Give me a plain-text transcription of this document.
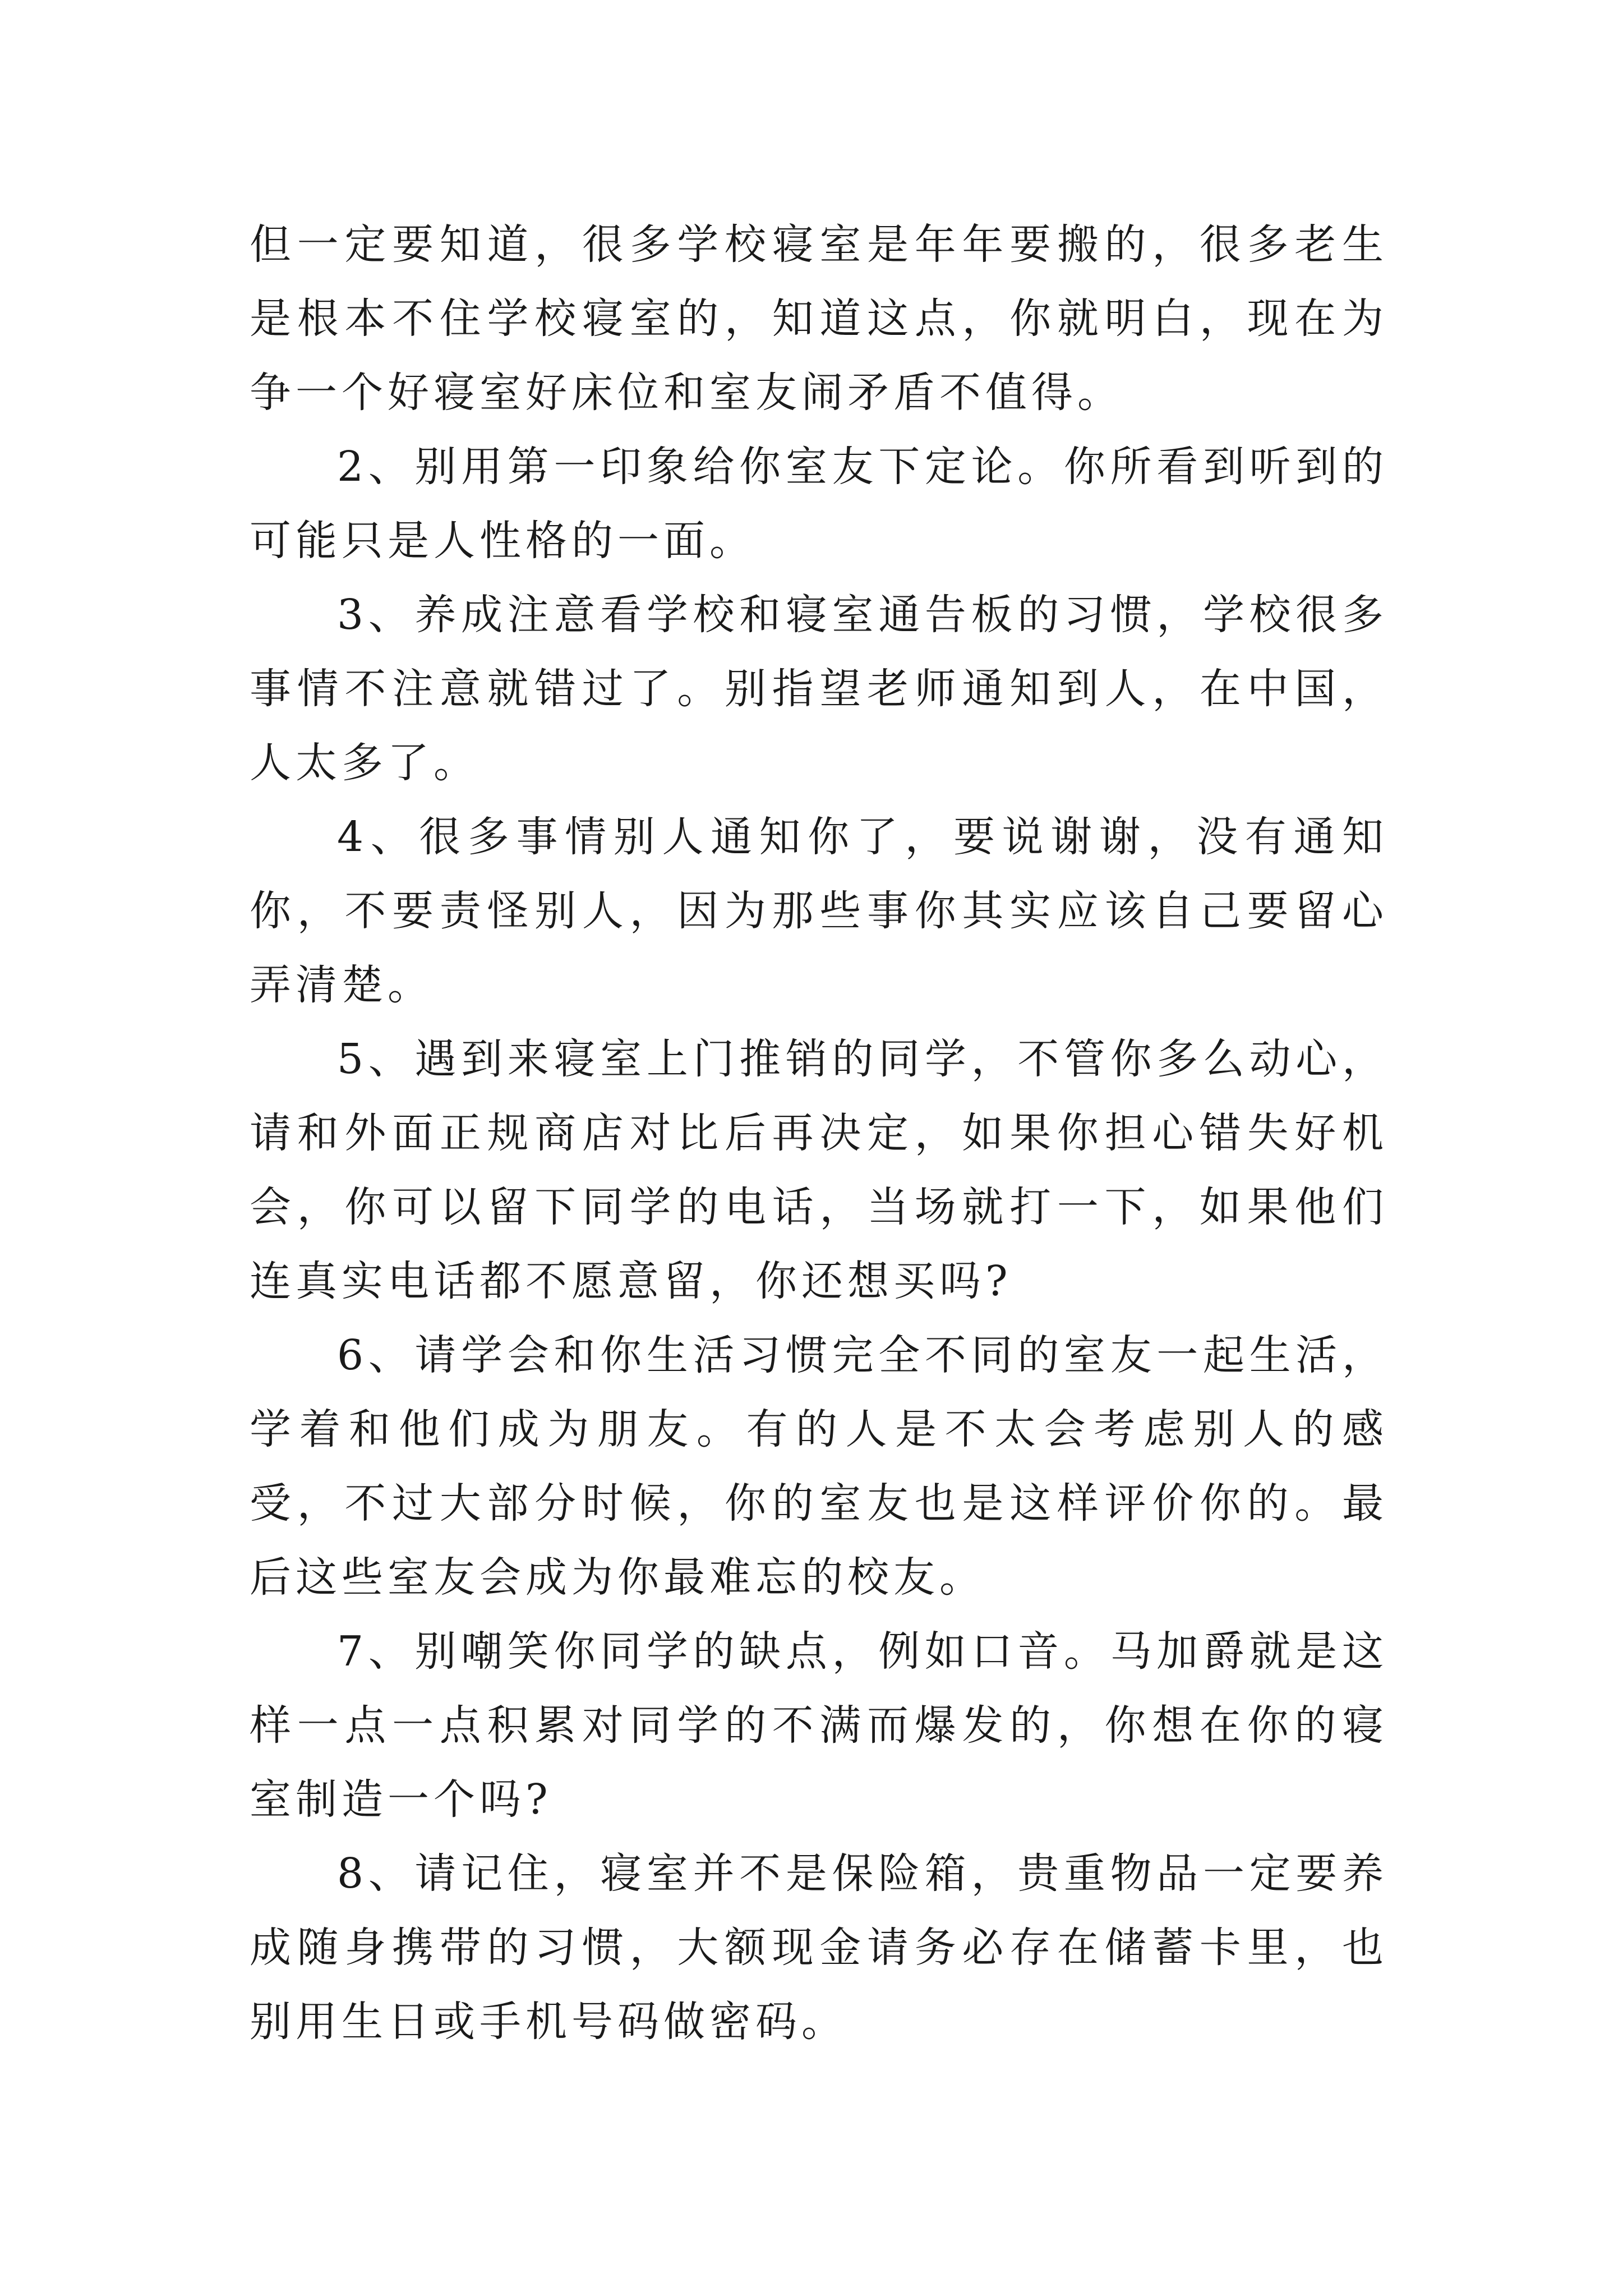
但一定要知道，很多学校寝室是年年要搬的，很多老生是根本不住学校寝室的，知道这点，你就明白，现在为争一个好寝室好床位和室友闹矛盾不值得。

2、别用第一印象给你室友下定论。你所看到听到的可能只是人性格的一面。

3、养成注意看学校和寝室通告板的习惯，学校很多事情不注意就错过了。别指望老师通知到人，在中国，人太多了。

4、很多事情别人通知你了，要说谢谢，没有通知你，不要责怪别人，因为那些事你其实应该自己要留心弄清楚。

5、遇到来寝室上门推销的同学，不管你多么动心，请和外面正规商店对比后再决定，如果你担心错失好机会，你可以留下同学的电话，当场就打一下，如果他们连真实电话都不愿意留，你还想买吗?

6、请学会和你生活习惯完全不同的室友一起生活，学着和他们成为朋友。有的人是不太会考虑别人的感受，不过大部分时候，你的室友也是这样评价你的。最后这些室友会成为你最难忘的校友。

7、别嘲笑你同学的缺点，例如口音。马加爵就是这样一点一点积累对同学的不满而爆发的，你想在你的寝室制造一个吗?

8、请记住，寝室并不是保险箱，贵重物品一定要养成随身携带的习惯，大额现金请务必存在储蓄卡里，也别用生日或手机号码做密码。
